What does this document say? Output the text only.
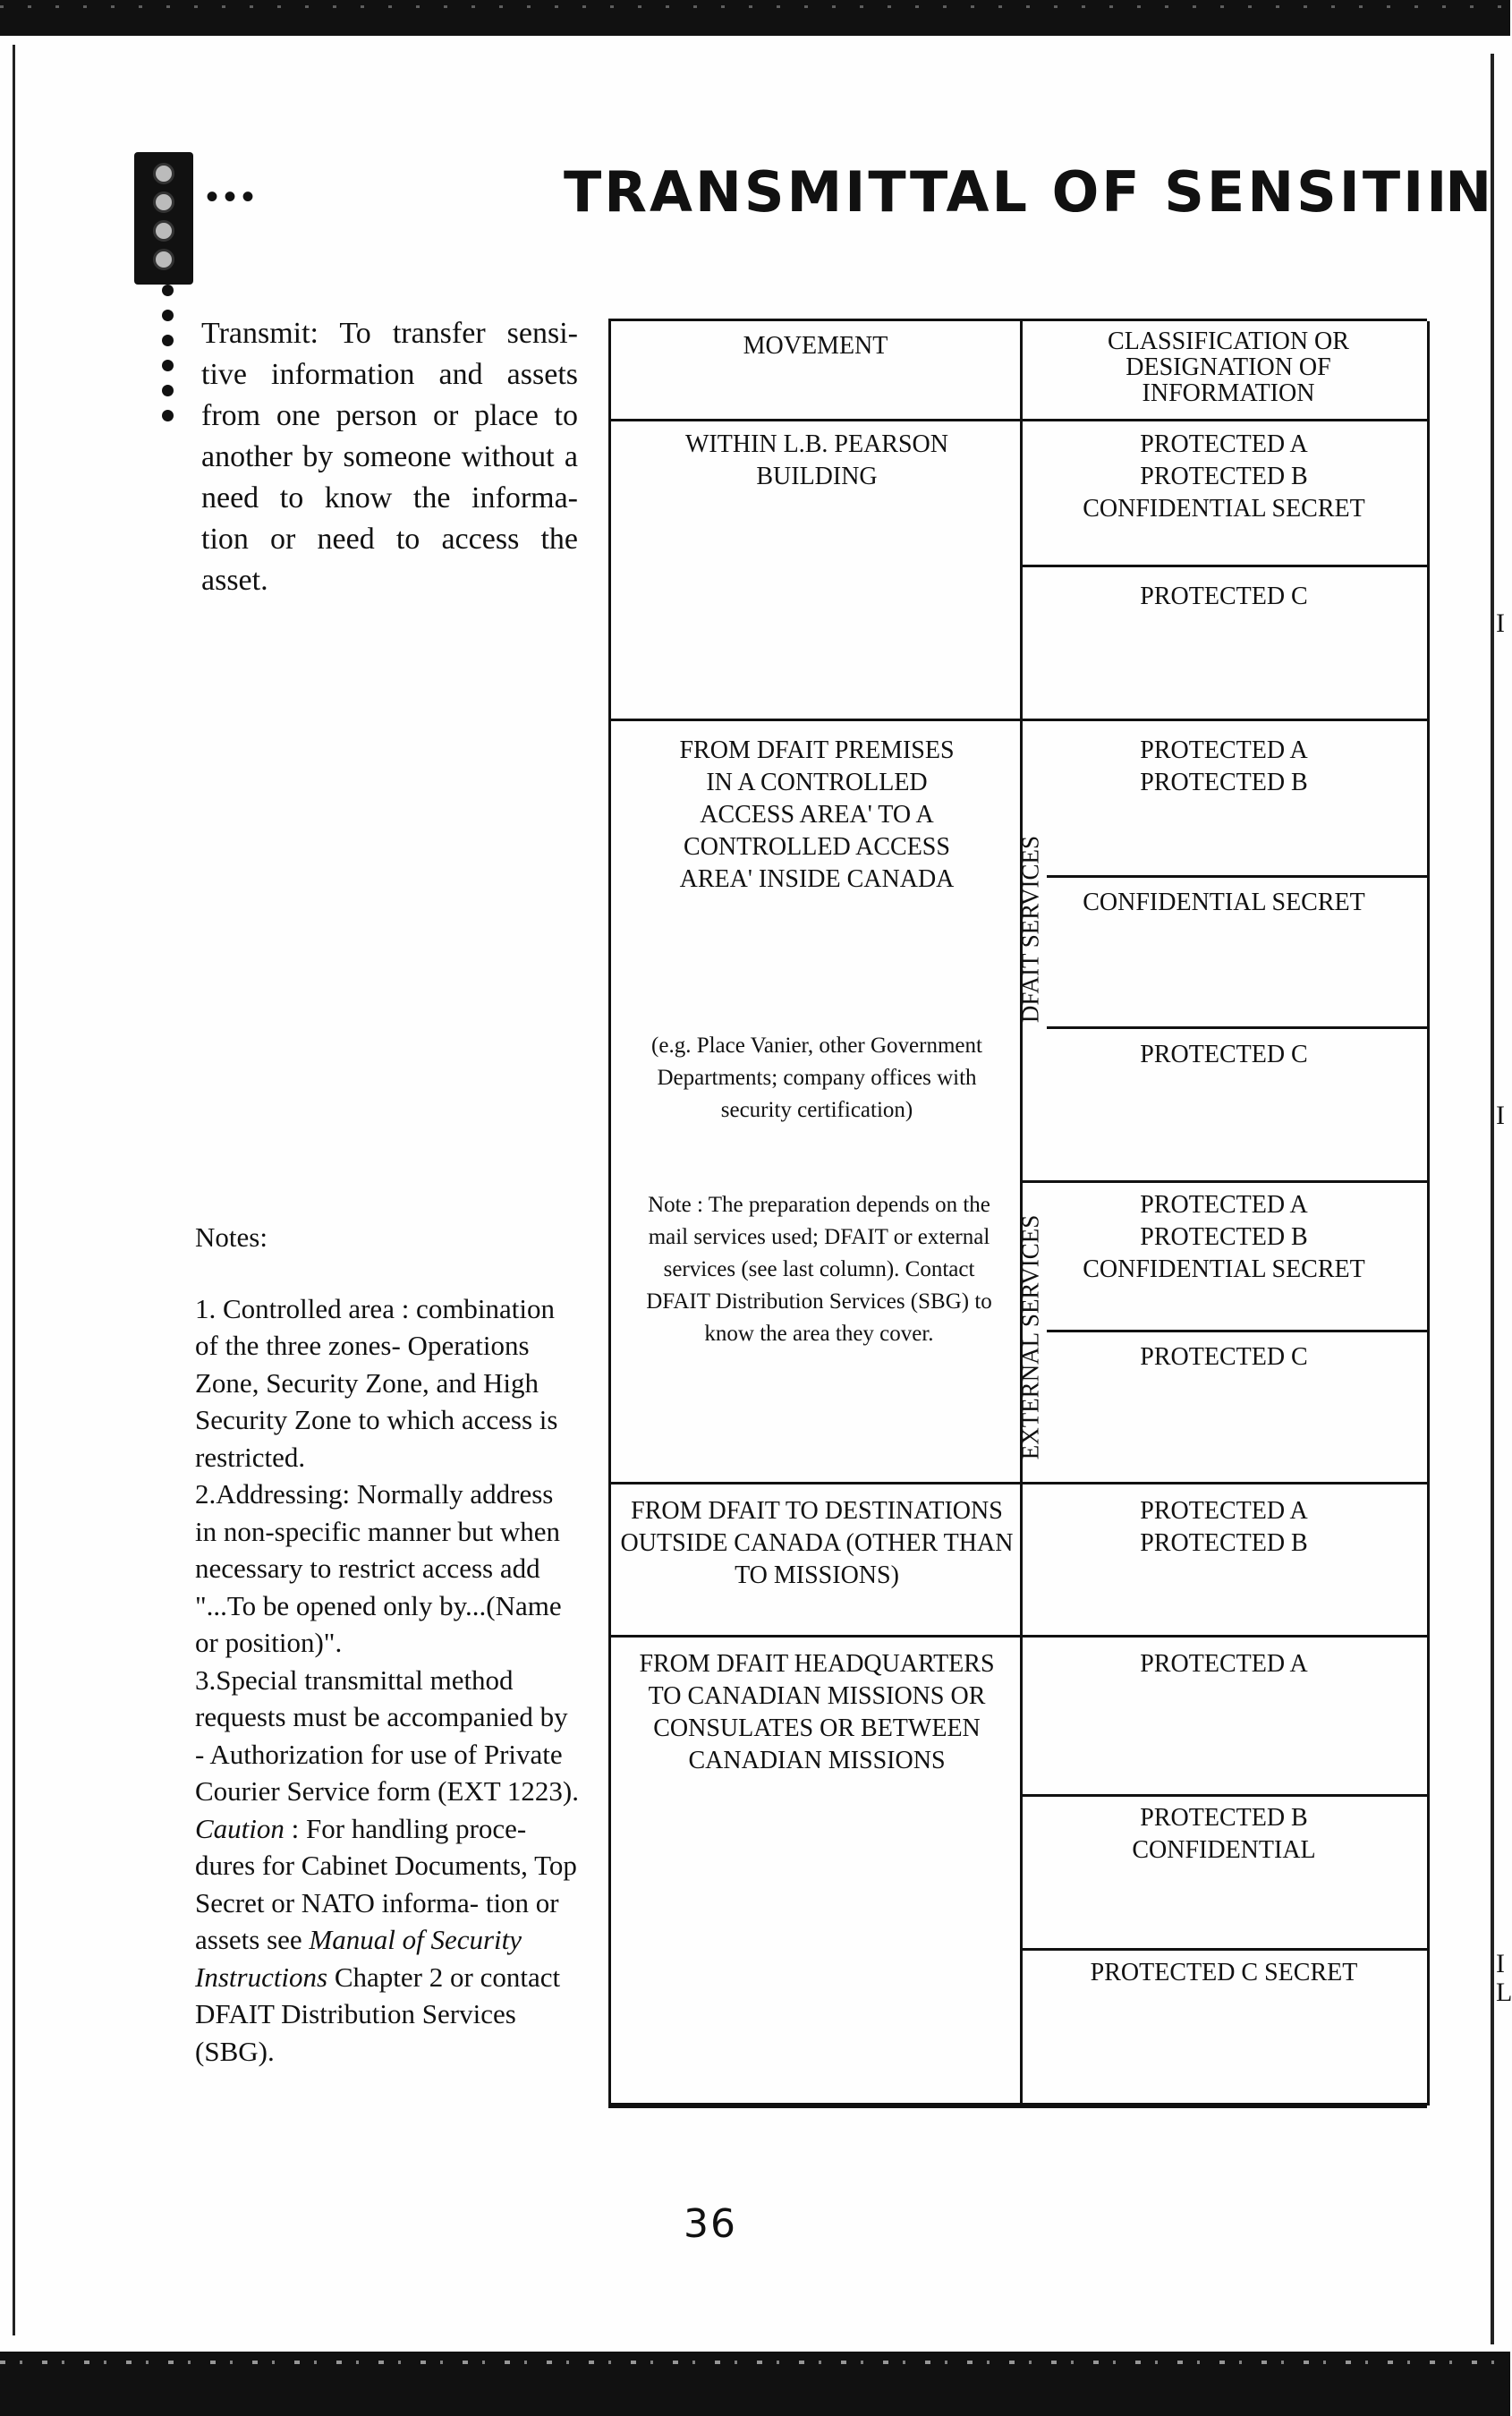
•••	TRANSMITTAL OF SENSITIIN
Transmit: To transfer sensi- tive information and assets from one person or place to another by someone without a need to know the informa- tion or need to access the asset.

Notes:

1. Controlled area : combination of the three zones- Operations Zone, Security Zone, and High Security Zone to which access is restricted.

2.Addressing: Normally address in non-specific manner but when necessary to restrict access add "...To be opened only by...(Name or position)".

3.Special transmittal method requests must be accompanied by - Authorization for use of Private Courier Service form (EXT 1223).

Caution : For handling proce- dures for Cabinet Documents, Top Secret or NATO informa- tion or assets see Manual of Security Instructions Chapter 2 or contact DFAIT Distribution Services (SBG).

MOVEMENT	CLASSIFICATION OR DESIGNATION OF INFORMATION
WITHIN L.B. PEARSON BUILDING
PROTECTED A PROTECTED B CONFIDENTIAL SECRET
PROTECTED C
FROM DFAIT PREMISES IN A CONTROLLED ACCESS AREA' TO A CONTROLLED ACCESS AREA' INSIDE CANADA
(e.g. Place Vanier, other Government Departments; company offices with security certification)
Note : The preparation depends on the mail services used; DFAIT or external services (see last column). Contact DFAIT Distribution Services (SBG) to know the area they cover.
DFAIT SERVICES
EXTERNAL SERVICES
PROTECTED A PROTECTED B
CONFIDENTIAL SECRET
PROTECTED C
PROTECTED A PROTECTED B CONFIDENTIAL SECRET
PROTECTED C
FROM DFAIT TO DESTINATIONS OUTSIDE CANADA (OTHER THAN TO MISSIONS)
PROTECTED A PROTECTED B
FROM DFAIT HEADQUARTERS TO CANADIAN MISSIONS OR CONSULATES OR BETWEEN CANADIAN MISSIONS
PROTECTED A
PROTECTED B CONFIDENTIAL
PROTECTED C SECRET
I
I
I
L
36
